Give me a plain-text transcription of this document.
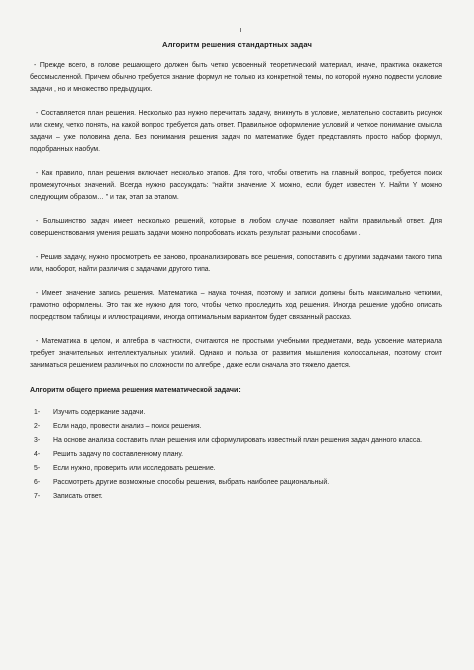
Алгоритм решения стандартных задач

- Прежде всего, в голове решающего должен быть четко усвоенный теоретический материал, иначе, практика окажется бессмысленной. Причем обычно требуется знание формул не только из конкретной темы, по которой нужно подвести условие задачи , но и множество предыдущих.

- Составляется план решения. Несколько раз нужно перечитать задачу, вникнуть в условие, желательно составить рисунок или схему, четко понять, на какой вопрос требуется дать ответ. Правильное оформление условий и четкое понимание смысла задачи – уже половина дела. Без понимания решения задач по математике будет представлять просто набор формул, подобранных наобум.

- Как правило, план решения включает несколько этапов. Для того, чтобы ответить на главный вопрос, требуется поиск промежуточных значений. Всегда нужно рассуждать: “найти значение X можно, если будет известен Y. Найти Y можно следующим образом… ” и так, этап за этапом.

- Большинство задач имеет несколько решений, которые в любом случае позволяет найти правильный ответ. Для совершенствования умения решать задачи можно попробовать искать результат разными способами .

- Решив задачу, нужно просмотреть ее заново, проанализировать все решения, сопоставить с другими задачами такого типа или, наоборот, найти различия с задачами другого типа.

- Имеет значение запись решения. Математика – наука точная, поэтому и записи должны быть максимально четкими, грамотно оформлены. Это так же нужно для того, чтобы четко проследить ход решения. Иногда решение удобно описать посредством таблицы и иллюстрациями, иногда оптимальным вариантом будет связанный рассказ.

- Математика в целом, и алгебра в частности, считаются не простыми учебными предметами, ведь усвоение материала требует значительных интеллектуальных усилий. Однако и польза от развития мышления колоссальная, поэтому стоит заниматься решением различных по сложности по алгебре , даже если сначала это тяжело дается.

Алгоритм общего приема решения математической задачи:
1-	Изучить содержание задачи.
2-	Если надо, провести анализ – поиск решения.
3-	На основе анализа составить план решения или сформулировать известный план решения задач данного класса.
4-	Решить задачу по составленному плану.
5-	Если нужно, проверить или исследовать решение.
6-	Рассмотреть другие возможные способы решения, выбрать наиболее рациональный.
7-	Записать ответ.
